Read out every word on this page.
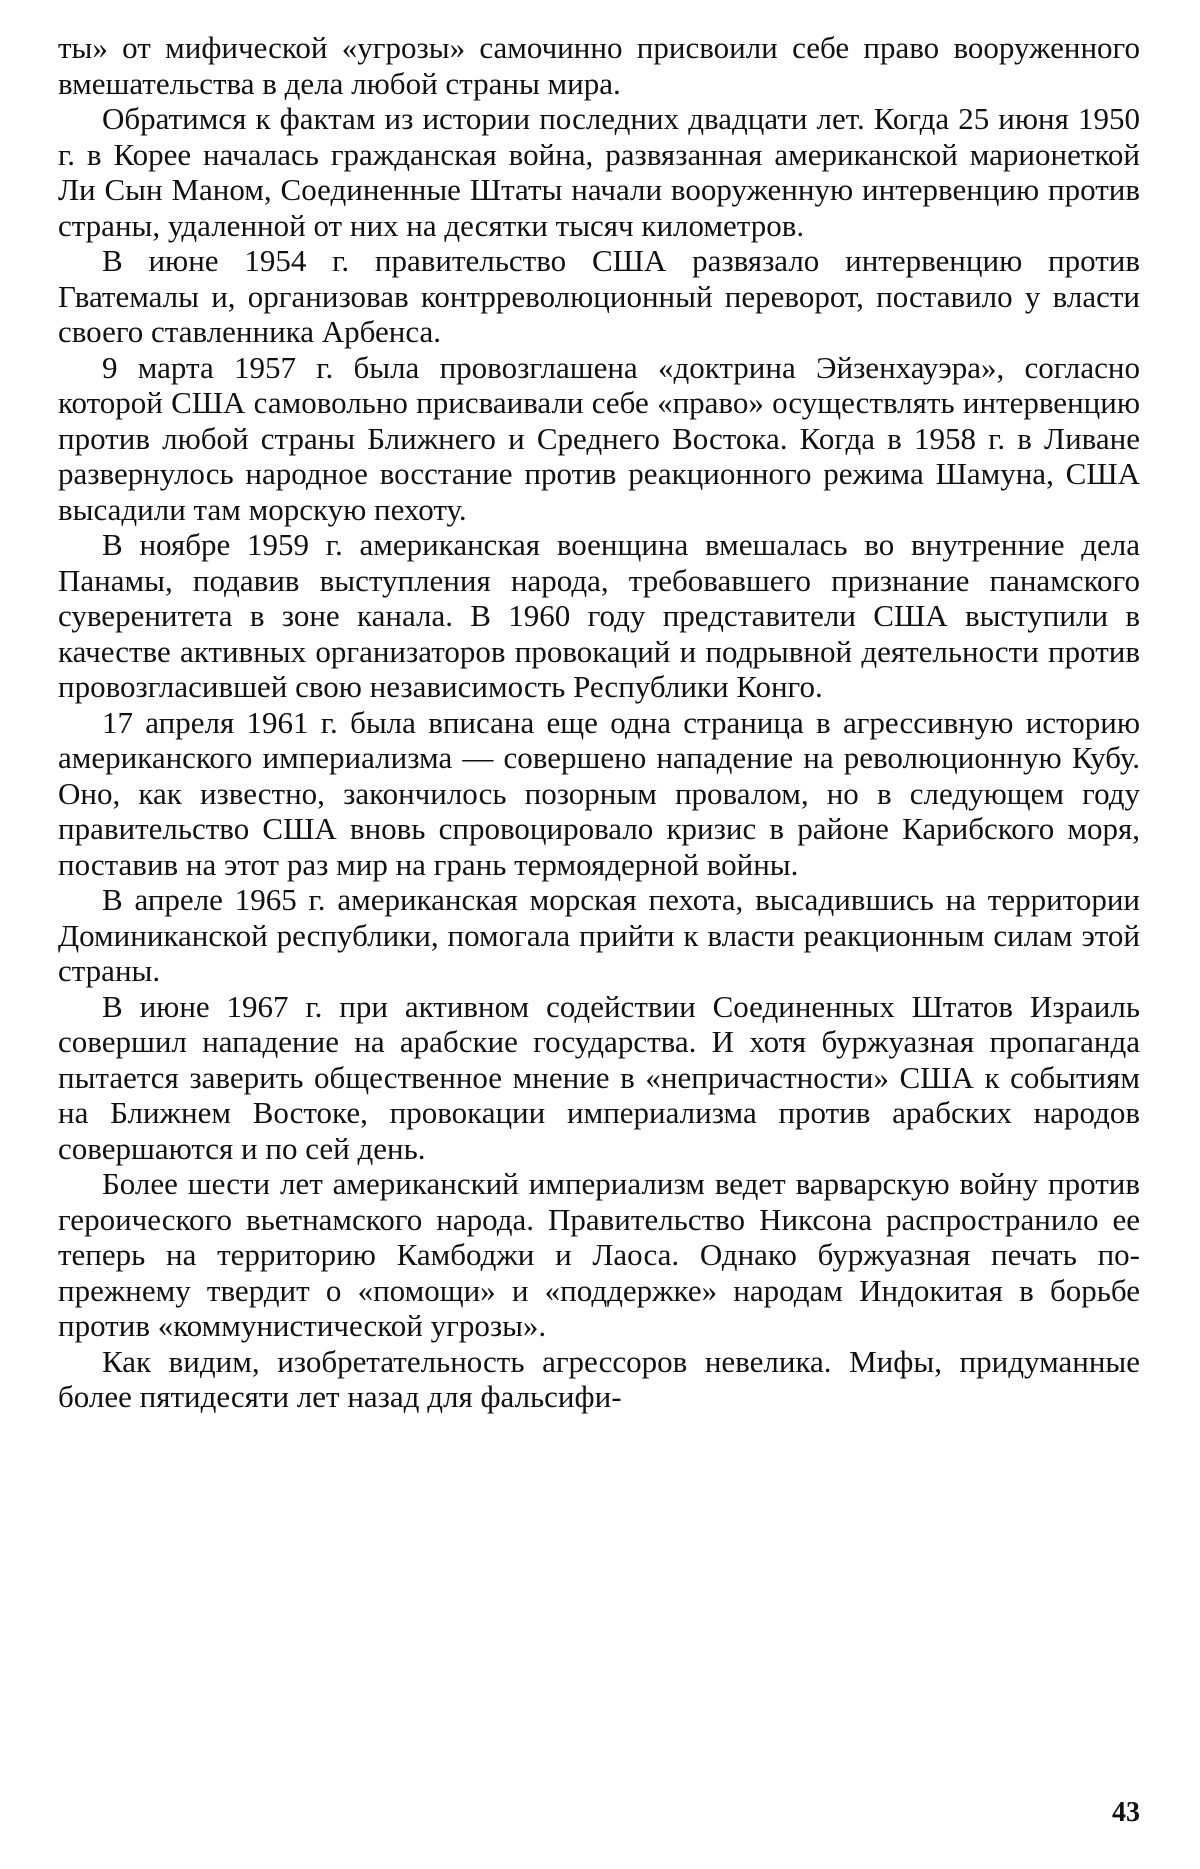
ты» от мифической «угрозы» самочинно присвоили себе право вооруженного вмешательства в дела любой страны мира.

Обратимся к фактам из истории последних двадцати лет. Когда 25 июня 1950 г. в Корее началась гражданская война, развязанная американской марионеткой Ли Сын Маном, Соединенные Штаты начали вооруженную интервенцию против страны, удаленной от них на десятки тысяч километров.

В июне 1954 г. правительство США развязало интервенцию против Гватемалы и, организовав контрреволюционный переворот, поставило у власти своего ставленника Арбенса.

9 марта 1957 г. была провозглашена «доктрина Эйзенхауэра», согласно которой США самовольно присваивали себе «право» осуществлять интервенцию против любой страны Ближнего и Среднего Востока. Когда в 1958 г. в Ливане развернулось народное восстание против реакционного режима Шамуна, США высадили там морскую пехоту.

В ноябре 1959 г. американская военщина вмешалась во внутренние дела Панамы, подавив выступления народа, требовавшего признание панамского суверенитета в зоне канала. В 1960 году представители США выступили в качестве активных организаторов провокаций и подрывной деятельности против провозгласившей свою независимость Республики Конго.

17 апреля 1961 г. была вписана еще одна страница в агрессивную историю американского империализма — совершено нападение на революционную Кубу. Оно, как известно, закончилось позорным провалом, но в следующем году правительство США вновь спровоцировало кризис в районе Карибского моря, поставив на этот раз мир на грань термоядерной войны.

В апреле 1965 г. американская морская пехота, высадившись на территории Доминиканской республики, помогала прийти к власти реакционным силам этой страны.

В июне 1967 г. при активном содействии Соединенных Штатов Израиль совершил нападение на арабские государства. И хотя буржуазная пропаганда пытается заверить общественное мнение в «непричастности» США к событиям на Ближнем Востоке, провокации империализма против арабских народов совершаются и по сей день.

Более шести лет американский империализм ведет варварскую войну против героического вьетнамского народа. Правительство Никсона распространило ее теперь на территорию Камбоджи и Лаоса. Однако буржуазная печать по-прежнему твердит о «помощи» и «поддержке» народам Индокитая в борьбе против «коммунистической угрозы».

Как видим, изобретательность агрессоров невелика. Мифы, придуманные более пятидесяти лет назад для фальсифи-

43
